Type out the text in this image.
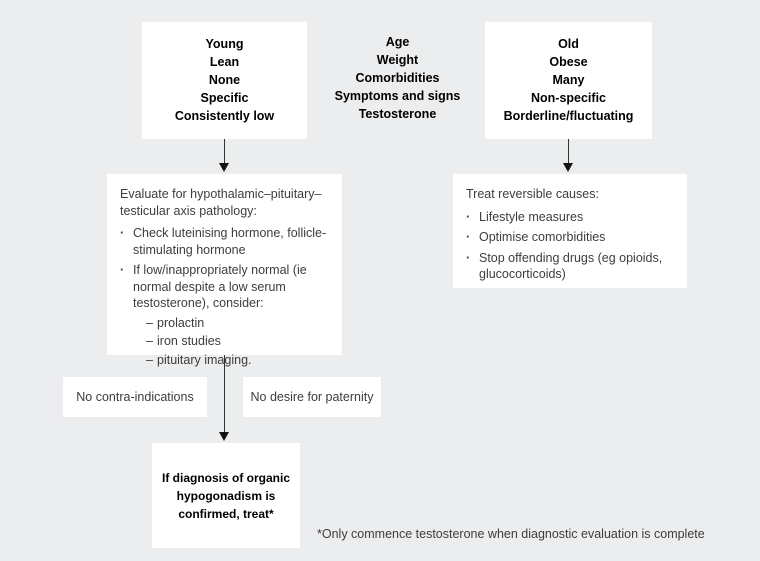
Young
Lean
None
Specific
Consistently low
Age
Weight
Comorbidities
Symptoms and signs
Testosterone
Old
Obese
Many
Non-specific
Borderline/fluctuating
Evaluate for hypothalamic–pituitary–testicular axis pathology:
· Check luteinising hormone, follicle-stimulating hormone
· If low/inappropriately normal (ie normal despite a low serum testosterone), consider:
– prolactin
– iron studies
– pituitary imaging.
Treat reversible causes:
· Lifestyle measures
· Optimise comorbidities
· Stop offending drugs (eg opioids, glucocorticoids)
No contra-indications	No desire for paternity
If diagnosis of organic hypogonadism is confirmed, treat*
*Only commence testosterone when diagnostic evaluation is complete
